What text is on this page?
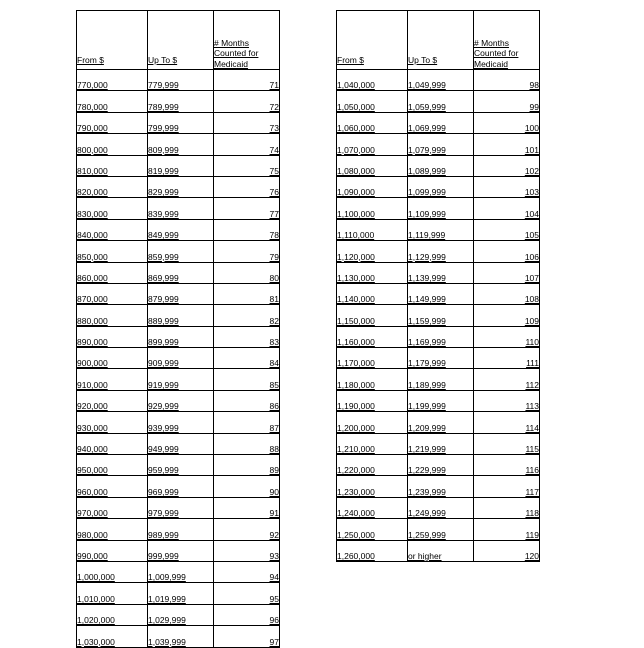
From $	Up To $	# Months Counted for Medicaid

770,000	779,999	71
780,000	789,999	72
790,000	799,999	73
800,000	809,999	74
810,000	819,999	75
820,000	829,999	76
830,000	839,999	77
840,000	849,999	78
850,000	859,999	79
860,000	869,999	80
870,000	879,999	81
880,000	889,999	82
890,000	899,999	83
900,000	909,999	84
910,000	919,999	85
920,000	929,999	86
930,000	939,999	87
940,000	949,999	88
950,000	959,999	89
960,000	969,999	90
970,000	979,999	91
980,000	989,999	92
990,000	999,999	93
1,000,000	1,009,999	94
1,010,000	1,019,999	95
1,020,000	1,029,999	96
1,030,000	1,039,999	97
From $	Up To $	# Months Counted for Medicaid

1,040,000	1,049,999	98
1,050,000	1,059,999	99
1,060,000	1,069,999	100
1,070,000	1,079,999	101
1,080,000	1,089,999	102
1,090,000	1,099,999	103
1,100,000	1,109,999	104
1,110,000	1,119,999	105
1,120,000	1,129,999	106
1,130,000	1,139,999	107
1,140,000	1,149,999	108
1,150,000	1,159,999	109
1,160,000	1,169,999	110
1,170,000	1,179,999	111
1,180,000	1,189,999	112
1,190,000	1,199,999	113
1,200,000	1,209,999	114
1,210,000	1,219,999	115
1,220,000	1,229,999	116
1,230,000	1,239,999	117
1,240,000	1,249,999	118
1,250,000	1,259,999	119
1,260,000	or higher	120
